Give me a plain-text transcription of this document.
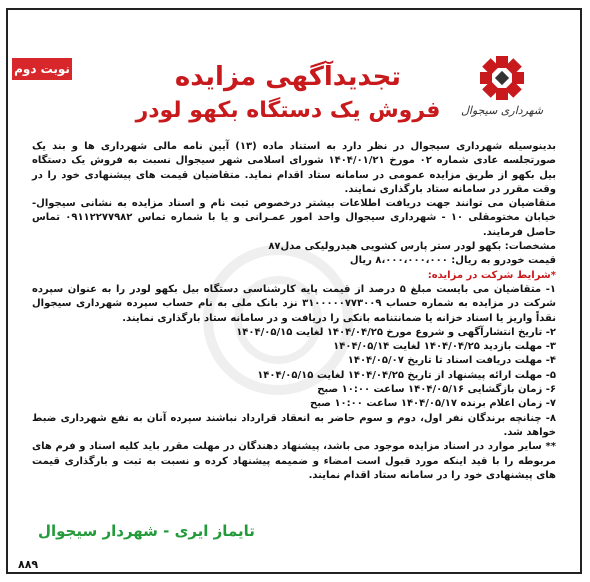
نوبت دوم
شهرداری سیجوال
تجدیدآگهی مزایده
فروش یک دستگاه بکهو لودر

بدینوسیله شهرداری سیجوال در نظر دارد به استناد ماده (۱۳) آیین نامه مالی شهرداری ها و بند یک صورتجلسه عادی شماره ۰۲ مورخ ۱۴۰۴/۰۱/۲۱ شورای اسلامی شهر سیجوال نسبت به فروش یک دستگاه بیل بکهو از طریق مزایده عمومی در سامانه ستاد اقدام نماید. متقاضیان قیمت های پیشنهادی خود را در وقت مقرر در سامانه ستاد بارگذاری نمایند.

متقاضیان می توانند جهت دریافت اطلاعات بیشتر درخصوص ثبت نام و اسناد مزایده به نشانی سیجوال- خیابان مختومقلی ۱۰ - شهرداری سیجوال واحد امور عمـرانی و یا با شماره تماس ۰۹۱۱۲۲۷۷۹۸۲ تماس حاصل فرمایند.

مشخصات: بکهو لودر ستر پارس کشویی هیدرولیکی مدل۸۷

قیمت خودرو به ریال: ۸،۰۰۰،۰۰۰،۰۰۰ ریال

*شرایط شرکت در مزایده:

۱- متقاضیان می بایست مبلغ ۵ درصد از قیمت پایه کارشناسی دستگاه بیل بکهو لودر را به عنوان سپرده شرکت در مزایده به شماره حساب ۳۱۰۰۰۰۰۷۷۳۰۰۹ نزد بانک ملی به نام حساب سپرده شهرداری سیجوال نقداً واریز یا اسناد خزانه یا ضمانتنامه بانکی را دریافت و در سامانه ستاد بارگذاری نمایند.

۲- تاریخ انتشارآگهی و شروع مورخ ۱۴۰۴/۰۴/۲۵ لغایت ۱۴۰۴/۰۵/۱۵

۳- مهلت بازدید ۱۴۰۴/۰۴/۲۵ لغایت ۱۴۰۴/۰۵/۱۴

۴- مهلت دریافت اسناد تا تاریخ ۱۴۰۴/۰۵/۰۷

۵- مهلت ارائه پیشنهاد از تاریخ ۱۴۰۴/۰۴/۲۵ لغایت ۱۴۰۴/۰۵/۱۵

۶- زمان بازگشایی ۱۴۰۴/۰۵/۱۶ ساعت ۱۰:۰۰ صبح

۷- زمان اعلام برنده ۱۴۰۴/۰۵/۱۷ ساعت ۱۰:۰۰ صبح

۸- چنانچه برندگان نفر اول، دوم و سوم حاضر به انعقاد قرارداد نباشند سپرده آنان به نفع شهرداری ضبط خواهد شد.

** سایر موارد در اسناد مزایده موجود می باشد، پیشنهاد دهندگان در مهلت مقرر باید کلیه اسناد و فرم های مربوطه را با قید اینکه مورد قبول است امضاء و ضمیمه پیشنهاد کرده و نسبت به ثبت و بارگذاری قیمت های پیشنهادی خود را در سامانه ستاد اقدام نمایند.

تایماز ایری - شهردار سیجوال
۸۸۹
